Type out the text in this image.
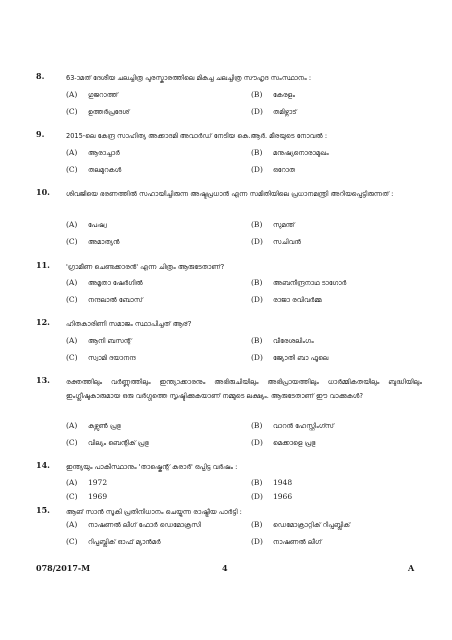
8.	63-ാമത് ദേശീയ ചലച്ചിത്ര പുരസ്കാരത്തിലെ മികച്ച ചലച്ചിത്ര സൗഹൃദ സംസ്ഥാനം :
(A) ഗുജറാത്ത്	(B) കേരളം
(C) ഉത്തർപ്രദേശ്	(D) തമിഴ്നാട്
9.	2015-ലെ കേന്ദ്ര സാഹിത്യ അക്കാദമി അവാർഡ് നേടിയ കെ.ആർ. മീരയുടെ നോവൽ :
(A) ആരാച്ചാർ	(B) മനുഷ്യനൊരാമുഖം
(C) തലമുറകൾ	(D) ഒറോത
10. ശിവജിയെ ഭരണത്തിൽ സഹായിച്ചിരുന്ന അഷ്ടപ്രധാൻ എന്ന സമിതിയിലെ പ്രധാനമന്ത്രി അറിയപ്പെട്ടിരുന്നത് :
(A) പേഷ്വ	(B) സുമന്ത്
(C) അമാത്യൻ	(D) സചിവൻ
11. 'ഗ്രാമീണ ചെണ്ടക്കാരൻ' എന്ന ചിത്രം ആരുടേതാണ്?
(A) അമൃതാ ഷേർഗിൽ	(B) അബനീന്ദ്രനാഥ ടാഗോർ
(C) നന്ദലാൽ ബോസ്	(D) രാജാ രവിവർമ്മ
12. ഹിതകാരിണി സമാജം സ്ഥാപിച്ചത് ആര്?
(A) ആനി ബസന്റ്	(B) വീരേശലിംഗം
(C) സ്വാമി ദയാനന്ദ	(D) ജ്യോതി ബാ ഫൂലെ
13. രക്തത്തിലും വർണ്ണത്തിലും ഇന്ത്യാക്കാരനും അഭിരുചിയിലും അഭിപ്രായത്തിലും ധാർമ്മികതയിലും ബുദ്ധിയിലും ഇംഗ്ലീഷുകാരുമായ ഒരു വർഗ്ഗത്തെ സൃഷ്ടിക്കുകയാണ് നമ്മുടെ ലക്ഷ്യം. ആരുടേതാണ് ഈ വാക്കുകൾ?
(A) കഴ്സൺ പ്രഭു	(B) വാറൻ ഹേസ്റ്റിംഗ്സ്
(C) വില്യം ബെന്റിക് പ്രഭു	(D) മെക്കാളെ പ്രഭു
14. ഇന്ത്യയും പാകിസ്ഥാനും 'താഷ്കെന്റ് കരാർ' ഒപ്പിട്ട വർഷം :
(A) 1972	(B) 1948
(C) 1969	(D) 1966
15. ആങ് സാൻ സൂകി പ്രതിനിധാനം ചെയ്യുന്ന രാഷ്ട്രീയ പാർട്ടി :
(A) നാഷണൽ ലീഗ് ഫോർ ഡെമോക്രസി	(B) ഡെമോക്രാറ്റിക് റിപ്പബ്ലിക്
(C) റിപ്പബ്ലിക് ഓഫ് മ്യാൻമർ	(D) നാഷണൽ ലീഗ്
078/2017-M	4	A
